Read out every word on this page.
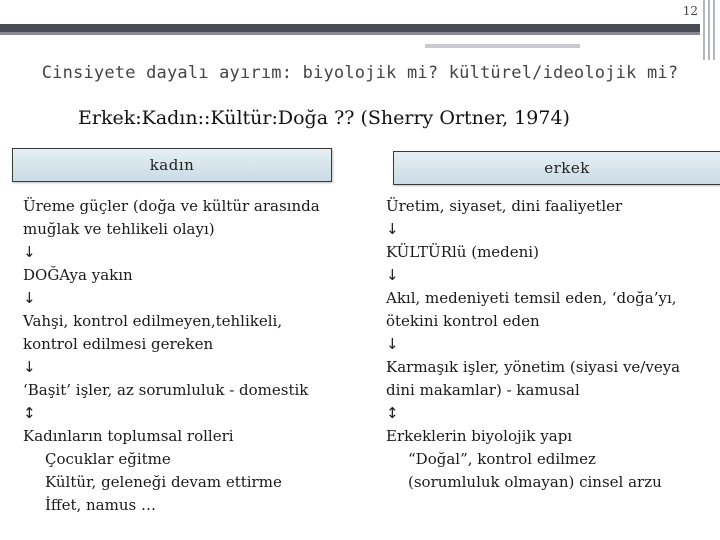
12
Cinsiyete dayalı ayırım: biyolojik mi? kültürel/ideolojik mi?
Erkek:Kadın::Kültür:Doğa ?? (Sherry Ortner, 1974)
kadın	erkek

Üreme güçler (doğa ve kültür arasında

muğlak ve tehlikeli olayı)

↓

DOĞAya yakın

↓

Vahşi, kontrol edilmeyen,tehlikeli,

kontrol edilmesi gereken

↓

‘Başit’ işler, az sorumluluk - domestik

↕

Kadınların toplumsal rolleri

Çocuklar eğitme

Kültür, geleneği devam ettirme

İffet, namus …

Üretim, siyaset, dini faaliyetler

↓

KÜLTÜRlü (medeni)

↓

Akıl, medeniyeti temsil eden, ‘doğa’yı,

ötekini kontrol eden

↓

Karmaşık işler, yönetim (siyasi ve/veya

dini makamlar) - kamusal

↕

Erkeklerin biyolojik yapı

“Doğal”, kontrol edilmez

(sorumluluk olmayan) cinsel arzu
